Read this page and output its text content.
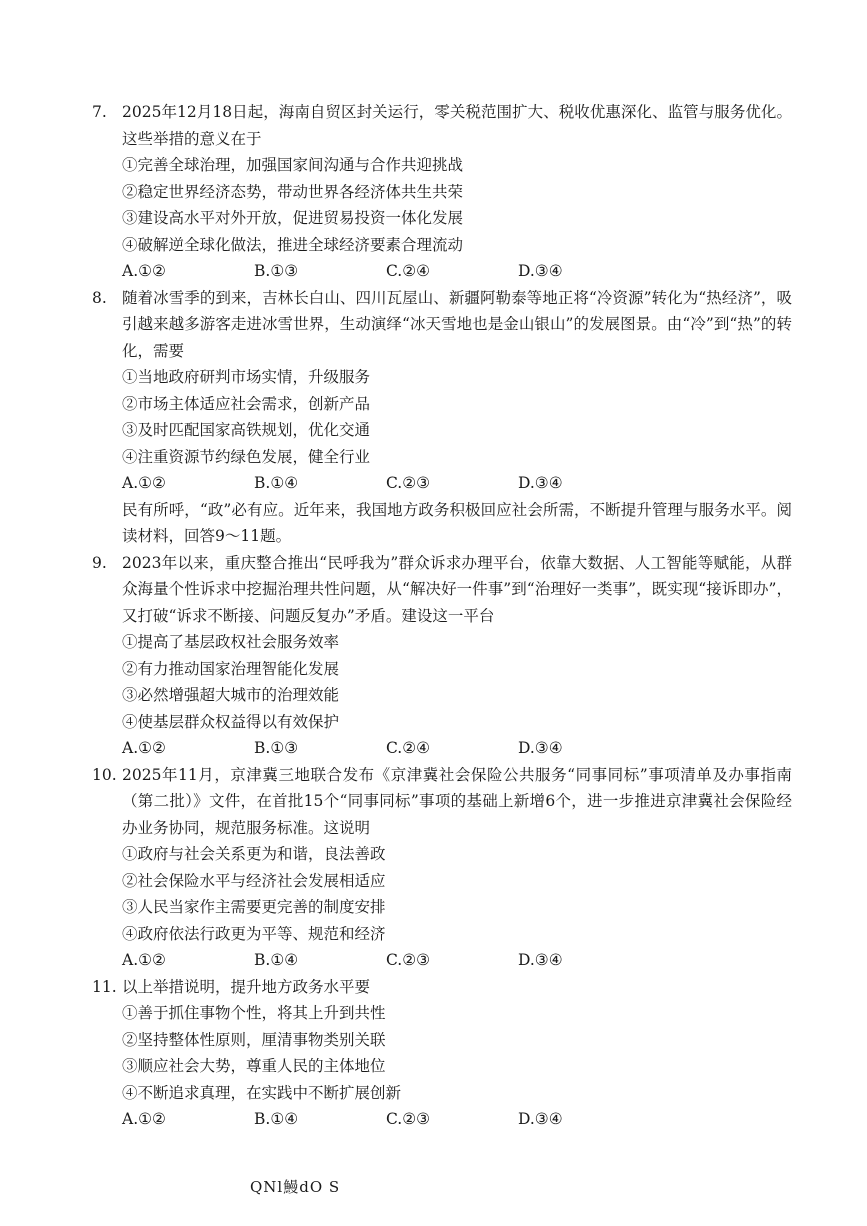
7. 2025年12月18日起，海南自贸区封关运行，零关税范围扩大、税收优惠深化、监管与服务优化。这些举措的意义在于
①完善全球治理，加强国家间沟通与合作共迎挑战
②稳定世界经济态势，带动世界各经济体共生共荣
③建设高水平对外开放，促进贸易投资一体化发展
④破解逆全球化做法，推进全球经济要素合理流动
A.①②	B.①③	C.②④	D.③④
8. 随着冰雪季的到来，吉林长白山、四川瓦屋山、新疆阿勒泰等地正将“冷资源”转化为“热经济”，吸引越来越多游客走进冰雪世界，生动演绎“冰天雪地也是金山银山”的发展图景。由“冷”到“热”的转化，需要
①当地政府研判市场实情，升级服务
②市场主体适应社会需求，创新产品
③及时匹配国家高铁规划，优化交通
④注重资源节约绿色发展，健全行业
A.①②	B.①④	C.②③	D.③④
民有所呼，“政”必有应。近年来，我国地方政务积极回应社会所需，不断提升管理与服务水平。阅读材料，回答9～11题。
9. 2023年以来，重庆整合推出“民呼我为”群众诉求办理平台，依靠大数据、人工智能等赋能，从群众海量个性诉求中挖掘治理共性问题，从“解决好一件事”到“治理好一类事”，既实现“接诉即办”，又打破“诉求不断接、问题反复办”矛盾。建设这一平台
①提高了基层政权社会服务效率
②有力推动国家治理智能化发展
③必然增强超大城市的治理效能
④使基层群众权益得以有效保护
A.①②	B.①③	C.②④	D.③④
10. 2025年11月，京津冀三地联合发布《京津冀社会保险公共服务“同事同标”事项清单及办事指南（第二批）》文件，在首批15个“同事同标”事项的基础上新增6个，进一步推进京津冀社会保险经办业务协同，规范服务标准。这说明
①政府与社会关系更为和谐，良法善政
②社会保险水平与经济社会发展相适应
③人民当家作主需要更完善的制度安排
④政府依法行政更为平等、规范和经济
A.①②	B.①④	C.②③	D.③④
11. 以上举措说明，提升地方政务水平要
①善于抓住事物个性，将其上升到共性
②坚持整体性原则，厘清事物类别关联
③顺应社会大势，尊重人民的主体地位
④不断追求真理，在实践中不断扩展创新
A.①②	B.①④	C.②③	D.③④
QNl鰻dO S
